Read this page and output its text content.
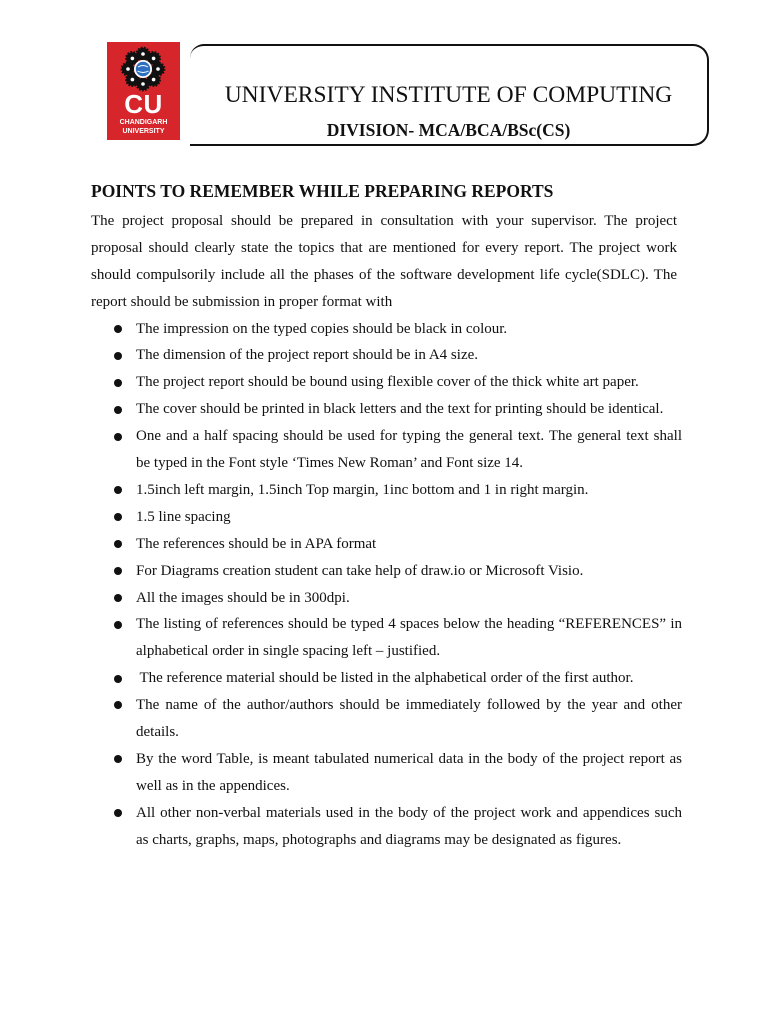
CU
CHANDIGARH
UNIVERSITY
UNIVERSITY INSTITUTE OF COMPUTING
DIVISION- MCA/BCA/BSc(CS)
POINTS TO REMEMBER WHILE PREPARING REPORTS
The project proposal should be prepared in consultation with your supervisor. The project
proposal should clearly state the topics that are mentioned for every report. The project work
should compulsorily include all the phases of the software development life cycle(SDLC). The
report should be submission in proper format with
The impression on the typed copies should be black in colour.
The dimension of the project report should be in A4 size.
The project report should be bound using flexible cover of the thick white art paper.
The cover should be printed in black letters and the text for printing should be identical.
One and a half spacing should be used for typing the general text. The general text shall
be typed in the Font style ‘Times New Roman’ and Font size 14.
1.5inch left margin, 1.5inch Top margin, 1inc bottom and 1 in right margin.
1.5 line spacing
The references should be in APA format
For Diagrams creation student can take help of draw.io or Microsoft Visio.
All the images should be in 300dpi.
The listing of references should be typed 4 spaces below the heading “REFERENCES” in
alphabetical order in single spacing left – justified.
The reference material should be listed in the alphabetical order of the first author.
The name of the author/authors should be immediately followed by the year and other
details.
By the word Table, is meant tabulated numerical data in the body of the project report as
well as in the appendices.
All other non-verbal materials used in the body of the project work and appendices such
as charts, graphs, maps, photographs and diagrams may be designated as figures.
